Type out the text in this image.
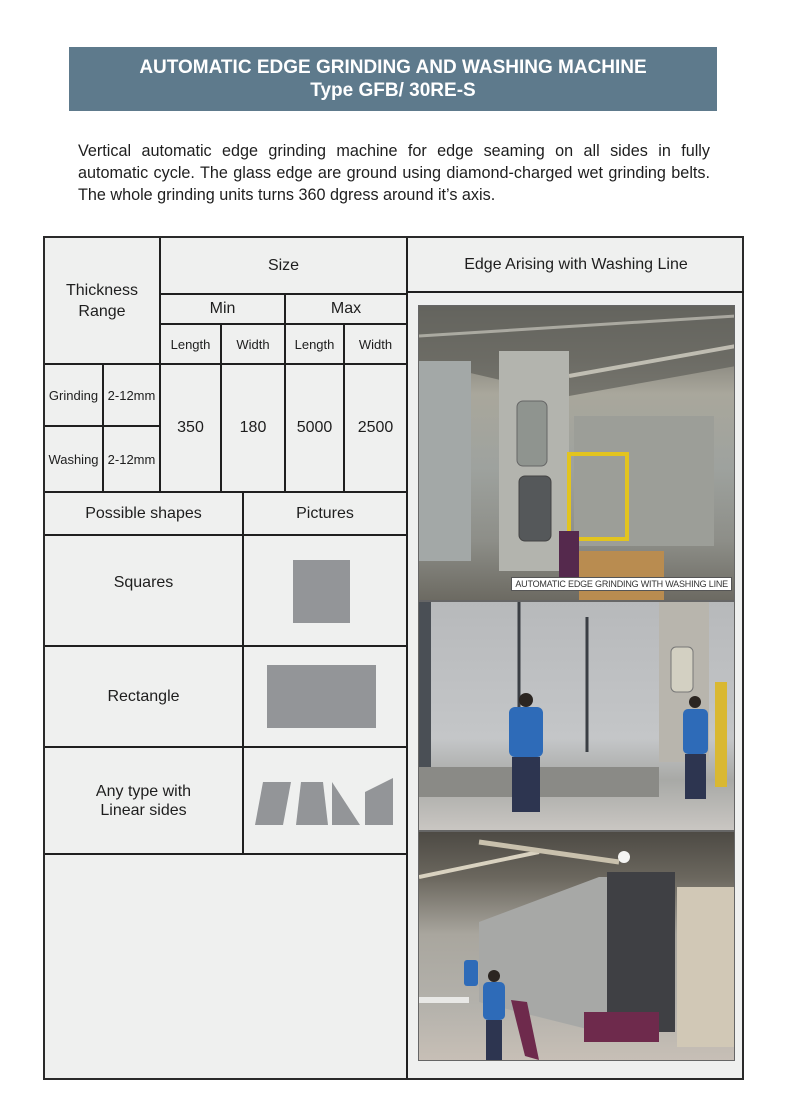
AUTOMATIC EDGE GRINDING AND WASHING MACHINE
Type GFB/ 30RE-S
Vertical automatic edge grinding machine for edge seaming on all sides in fully automatic cycle. The glass edge are ground using diamond-charged wet grinding belts. The whole grinding units turns 360 dgress around it’s axis.
Thickness Range
Size
Min	Max
Length	Width	Length	Width
Grinding 2-12mm
Washing 2-12mm
350	180	5000	2500
Possible shapes	Pictures
Squares
Rectangle
Any type with Linear sides
Edge Arising with Washing Line
AUTOMATIC EDGE GRINDING WITH WASHING LINE
